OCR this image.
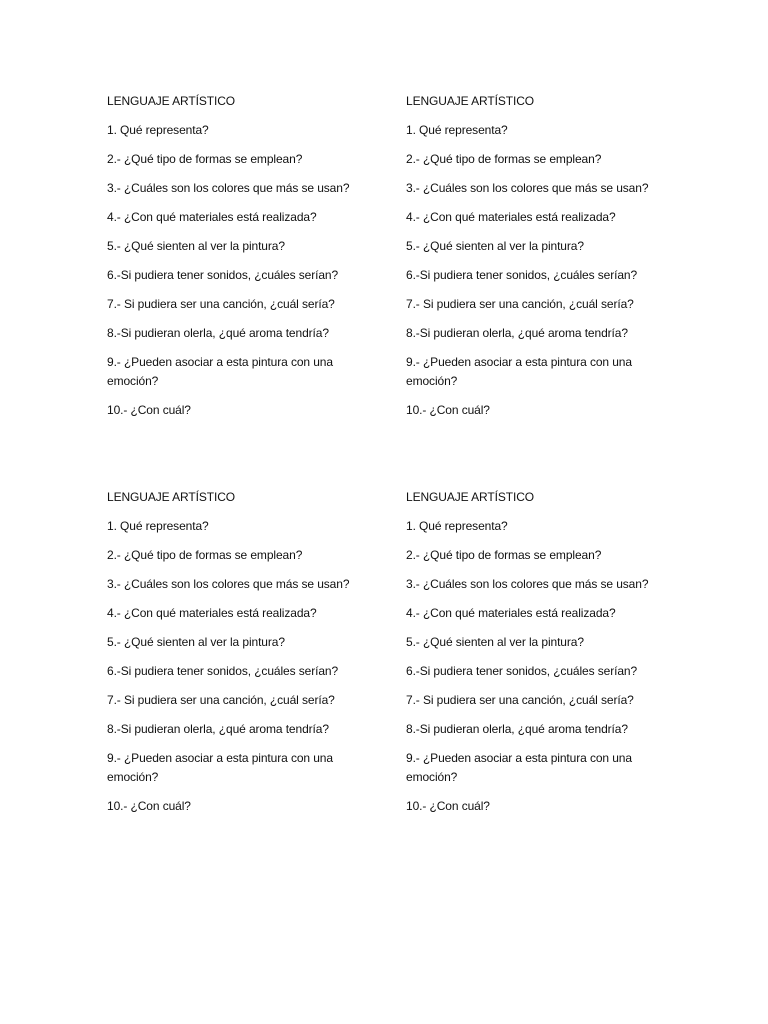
LENGUAJE ARTÍSTICO
1. Qué representa?
2.- ¿Qué tipo de formas se emplean?
3.- ¿Cuáles son los colores que más se usan?
4.- ¿Con qué materiales está realizada?
5.- ¿Qué sienten al ver la pintura?
6.-Si pudiera tener sonidos, ¿cuáles serían?
7.- Si pudiera ser una canción, ¿cuál sería?
8.-Si pudieran olerla, ¿qué aroma tendría?
9.- ¿Pueden asociar a esta pintura con una emoción?
10.- ¿Con cuál?
LENGUAJE ARTÍSTICO
1. Qué representa?
2.- ¿Qué tipo de formas se emplean?
3.- ¿Cuáles son los colores que más se usan?
4.- ¿Con qué materiales está realizada?
5.- ¿Qué sienten al ver la pintura?
6.-Si pudiera tener sonidos, ¿cuáles serían?
7.- Si pudiera ser una canción, ¿cuál sería?
8.-Si pudieran olerla, ¿qué aroma tendría?
9.- ¿Pueden asociar a esta pintura con una emoción?
10.- ¿Con cuál?
LENGUAJE ARTÍSTICO
1. Qué representa?
2.- ¿Qué tipo de formas se emplean?
3.- ¿Cuáles son los colores que más se usan?
4.- ¿Con qué materiales está realizada?
5.- ¿Qué sienten al ver la pintura?
6.-Si pudiera tener sonidos, ¿cuáles serían?
7.- Si pudiera ser una canción, ¿cuál sería?
8.-Si pudieran olerla, ¿qué aroma tendría?
9.- ¿Pueden asociar a esta pintura con una emoción?
10.- ¿Con cuál?
LENGUAJE ARTÍSTICO
1. Qué representa?
2.- ¿Qué tipo de formas se emplean?
3.- ¿Cuáles son los colores que más se usan?
4.- ¿Con qué materiales está realizada?
5.- ¿Qué sienten al ver la pintura?
6.-Si pudiera tener sonidos, ¿cuáles serían?
7.- Si pudiera ser una canción, ¿cuál sería?
8.-Si pudieran olerla, ¿qué aroma tendría?
9.- ¿Pueden asociar a esta pintura con una emoción?
10.- ¿Con cuál?
